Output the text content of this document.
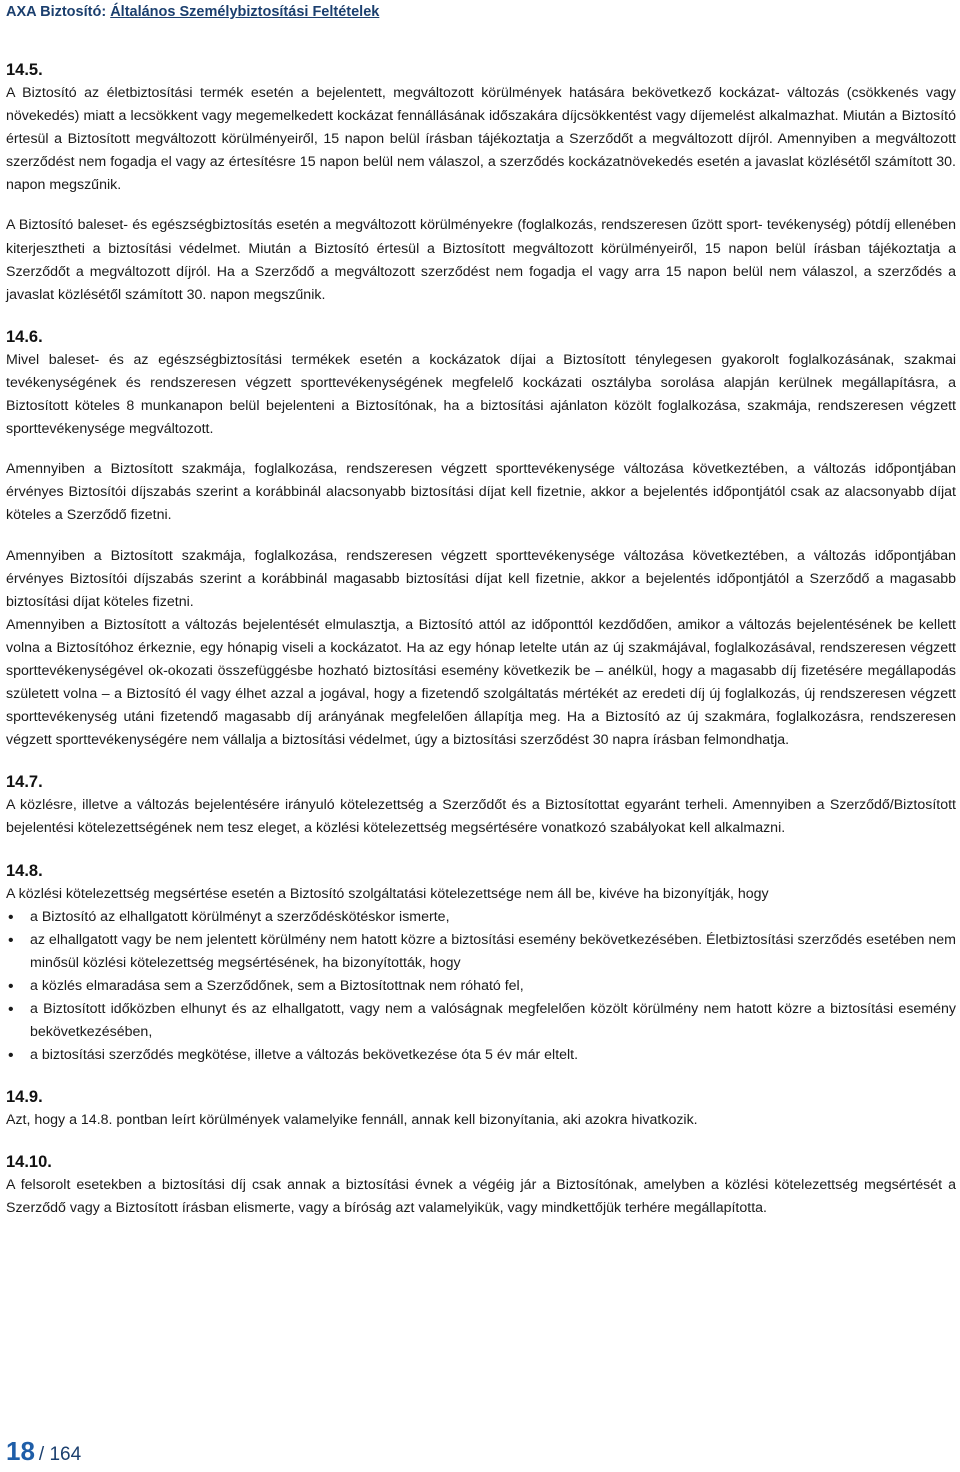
AXA Biztosító: Általános Személybiztosítási Feltételek
14.5.

A Biztosító az életbiztosítási termék esetén a bejelentett, megváltozott körülmények hatására bekövetkező kockázat- változás (csökkenés vagy növekedés) miatt a lecsökkent vagy megemelkedett kockázat fennállásának időszakára díjcsökkentést vagy díjemelést alkalmazhat. Miután a Biztosító értesül a Biztosított megváltozott körülményeiről, 15 napon belül írásban tájékoztatja a Szerződőt a megváltozott díjról. Amennyiben a megváltozott szerződést nem fogadja el vagy az értesítésre 15 napon belül nem válaszol, a szerződés kockázatnövekedés esetén a javaslat közlésétől számított 30. napon megszűnik.

A Biztosító baleset- és egészségbiztosítás esetén a megváltozott körülményekre (foglalkozás, rendszeresen űzött sport- tevékenység) pótdíj ellenében kiterjesztheti a biztosítási védelmet. Miután a Biztosító értesül a Biztosított megváltozott körülményeiről, 15 napon belül írásban tájékoztatja a Szerződőt a megváltozott díjról. Ha a Szerződő a megváltozott szerződést nem fogadja el vagy arra 15 napon belül nem válaszol, a szerződés a javaslat közlésétől számított 30. napon megszűnik.

14.6.

Mivel baleset- és az egészségbiztosítási termékek esetén a kockázatok díjai a Biztosított ténylegesen gyakorolt foglalkozásának, szakmai tevékenységének és rendszeresen végzett sporttevékenységének megfelelő kockázati osztályba sorolása alapján kerülnek megállapításra, a Biztosított köteles 8 munkanapon belül bejelenteni a Biztosítónak, ha a biztosítási ajánlaton közölt foglalkozása, szakmája, rendszeresen végzett sporttevékenysége megváltozott.

Amennyiben a Biztosított szakmája, foglalkozása, rendszeresen végzett sporttevékenysége változása következtében, a változás időpontjában érvényes Biztosítói díjszabás szerint a korábbinál alacsonyabb biztosítási díjat kell fizetnie, akkor a bejelentés időpontjától csak az alacsonyabb díjat köteles a Szerződő fizetni.

Amennyiben a Biztosított szakmája, foglalkozása, rendszeresen végzett sporttevékenysége változása következtében, a változás időpontjában érvényes Biztosítói díjszabás szerint a korábbinál magasabb biztosítási díjat kell fizetnie, akkor a bejelentés időpontjától a Szerződő a magasabb biztosítási díjat köteles fizetni.

Amennyiben a Biztosított a változás bejelentését elmulasztja, a Biztosító attól az időponttól kezdődően, amikor a változás bejelentésének be kellett volna a Biztosítóhoz érkeznie, egy hónapig viseli a kockázatot. Ha az egy hónap letelte után az új szakmájával, foglalkozásával, rendszeresen végzett sporttevékenységével ok-okozati összefüggésbe hozható biztosítási esemény következik be – anélkül, hogy a magasabb díj fizetésére megállapodás született volna – a Biztosító él vagy élhet azzal a jogával, hogy a fizetendő szolgáltatás mértékét az eredeti díj új foglalkozás, új rendszeresen végzett sporttevékenység utáni fizetendő magasabb díj arányának megfelelően állapítja meg. Ha a Biztosító az új szakmára, foglalkozásra, rendszeresen végzett sporttevékenységére nem vállalja a biztosítási védelmet, úgy a biztosítási szerződést 30 napra írásban felmondhatja.

14.7.

A közlésre, illetve a változás bejelentésére irányuló kötelezettség a Szerződőt és a Biztosítottat egyaránt terheli. Amennyiben a Szerződő/Biztosított bejelentési kötelezettségének nem tesz eleget, a közlési kötelezettség megsértésére vonatkozó szabályokat kell alkalmazni.

14.8.

A közlési kötelezettség megsértése esetén a Biztosító szolgáltatási kötelezettsége nem áll be, kivéve ha bizonyítják, hogy

• a Biztosító az elhallgatott körülményt a szerződéskötéskor ismerte,
• az elhallgatott vagy be nem jelentett körülmény nem hatott közre a biztosítási esemény bekövetkezésében. Életbiztosítási szerződés esetében nem minősül közlési kötelezettség megsértésének, ha bizonyították, hogy
• a közlés elmaradása sem a Szerződőnek, sem a Biztosítottnak nem róható fel,
• a Biztosított időközben elhunyt és az elhallgatott, vagy nem a valóságnak megfelelően közölt körülmény nem hatott közre a biztosítási esemény bekövetkezésében,
• a biztosítási szerződés megkötése, illetve a változás bekövetkezése óta 5 év már eltelt.
14.9.

Azt, hogy a 14.8. pontban leírt körülmények valamelyike fennáll, annak kell bizonyítania, aki azokra hivatkozik.

14.10.

A felsorolt esetekben a biztosítási díj csak annak a biztosítási évnek a végéig jár a Biztosítónak, amelyben a közlési kötelezettség megsértését a Szerződő vagy a Biztosított írásban elismerte, vagy a bíróság azt valamelyikük, vagy mindkettőjük terhére megállapította.

18 / 164
